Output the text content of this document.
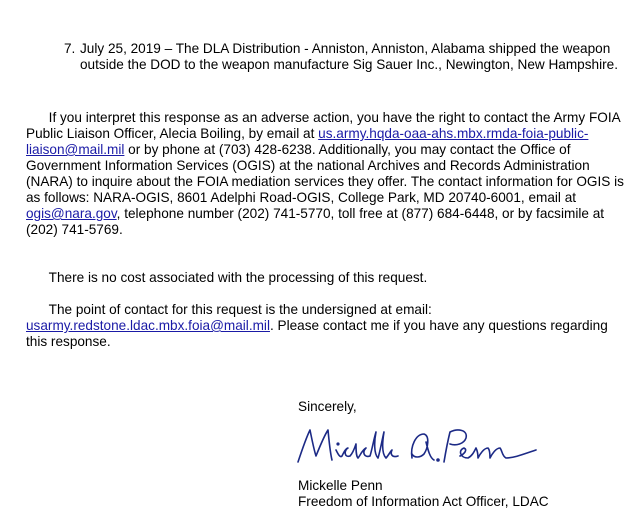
7. July 25, 2019 – The DLA Distribution - Anniston, Anniston, Alabama shipped the weapon outside the DOD to the weapon manufacture Sig Sauer Inc., Newington, New Hampshire.

If you interpret this response as an adverse action, you have the right to contact the Army FOIA Public Liaison Officer, Alecia Boiling, by email at us.army.hqda-oaa-ahs.mbx.rmda-foia-public-liaison@mail.mil or by phone at (703) 428-6238. Additionally, you may contact the Office of Government Information Services (OGIS) at the national Archives and Records Administration (NARA) to inquire about the FOIA mediation services they offer. The contact information for OGIS is as follows: NARA-OGIS, 8601 Adelphi Road-OGIS, College Park, MD 20740-6001, email at ogis@nara.gov, telephone number (202) 741-5770, toll free at (877) 684-6448, or by facsimile at (202) 741-5769.

There is no cost associated with the processing of this request.

The point of contact for this request is the undersigned at email: usarmy.redstone.ldac.mbx.foia@mail.mil. Please contact me if you have any questions regarding this response.

Sincerely,
Mickelle Penn
Freedom of Information Act Officer, LDAC
